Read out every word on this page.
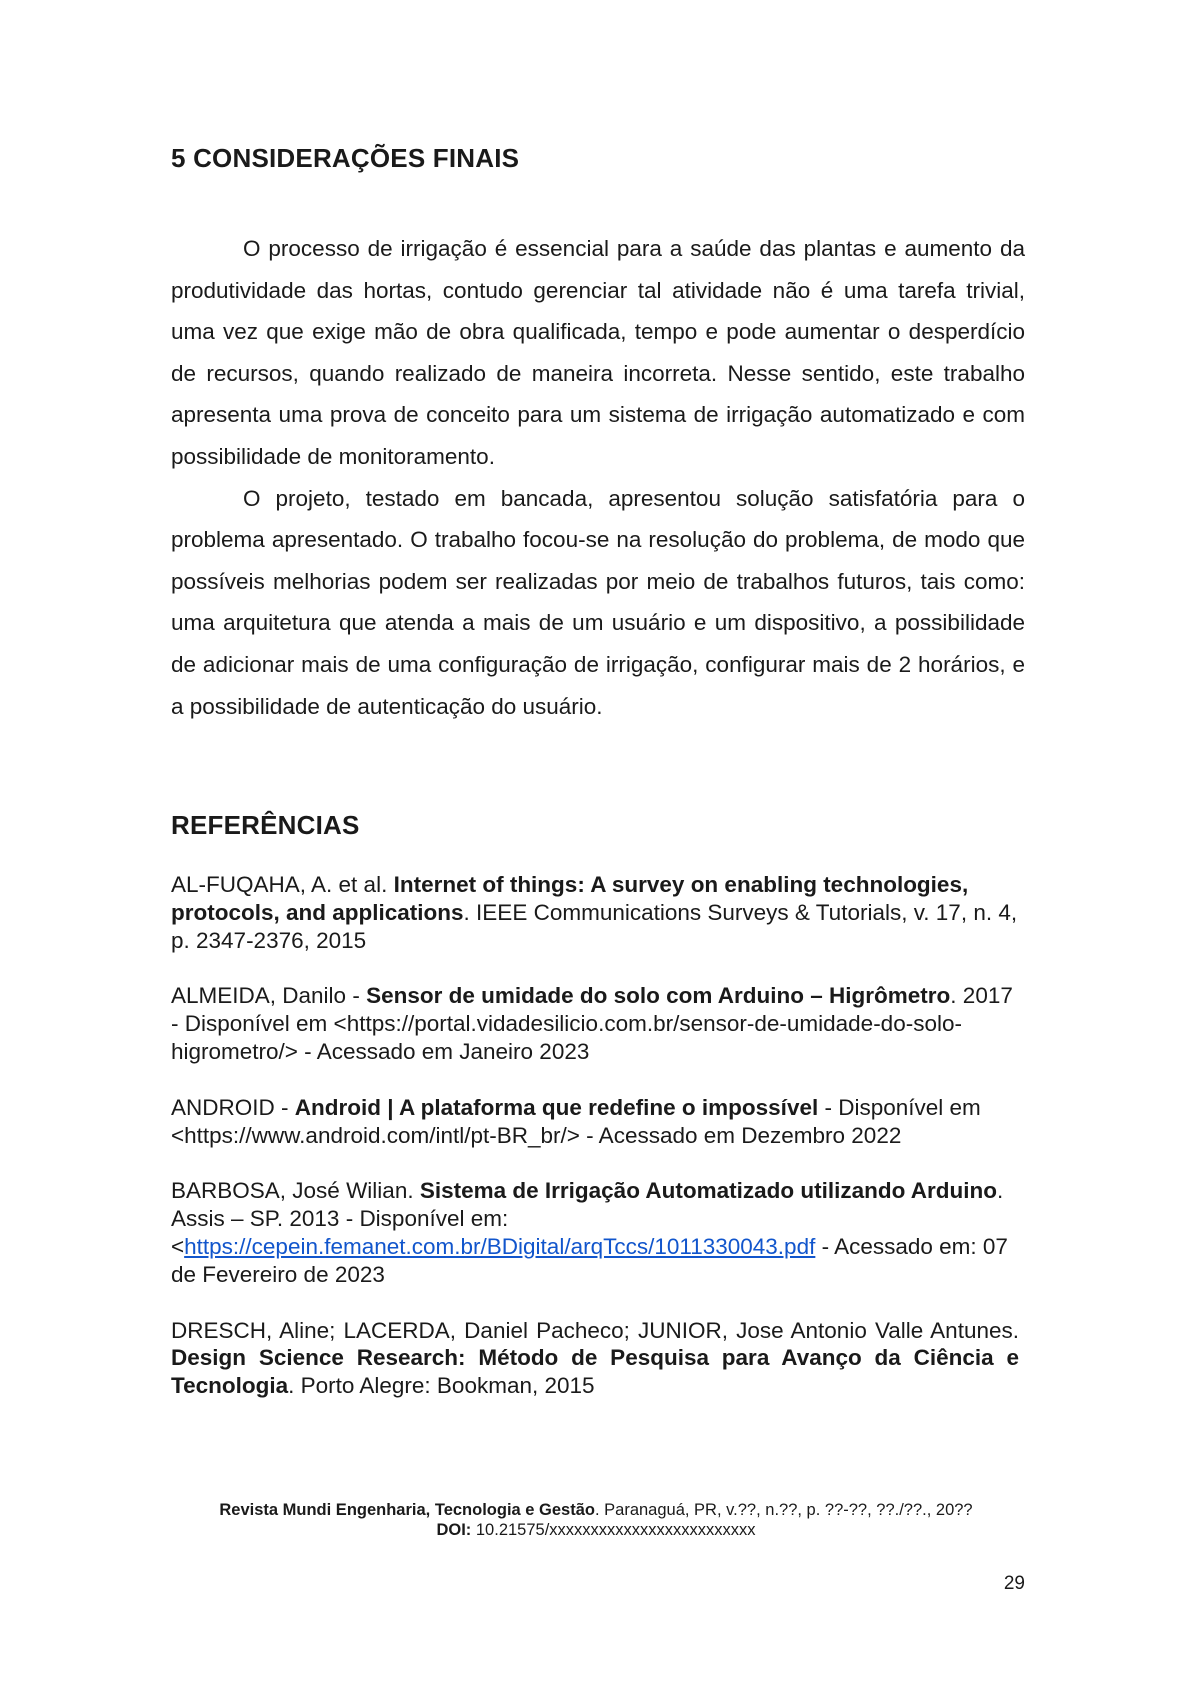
5 CONSIDERAÇÕES FINAIS

O processo de irrigação é essencial para a saúde das plantas e aumento da produtividade das hortas, contudo gerenciar tal atividade não é uma tarefa trivial, uma vez que exige mão de obra qualificada, tempo e pode aumentar o desperdício de recursos, quando realizado de maneira incorreta. Nesse sentido, este trabalho apresenta uma prova de conceito para um sistema de irrigação automatizado e com possibilidade de monitoramento.

O projeto, testado em bancada, apresentou solução satisfatória para o problema apresentado. O trabalho focou-se na resolução do problema, de modo que possíveis melhorias podem ser realizadas por meio de trabalhos futuros, tais como: uma arquitetura que atenda a mais de um usuário e um dispositivo, a possibilidade de adicionar mais de uma configuração de irrigação, configurar mais de 2 horários, e a possibilidade de autenticação do usuário.

REFERÊNCIAS

AL-FUQAHA, A. et al. Internet of things: A survey on enabling technologies, protocols, and applications. IEEE Communications Surveys & Tutorials, v. 17, n. 4, p. 2347-2376, 2015

ALMEIDA, Danilo - Sensor de umidade do solo com Arduino – Higrômetro. 2017 - Disponível em <https://portal.vidadesilicio.com.br/sensor-de-umidade-do-solo-higrometro/> - Acessado em Janeiro 2023

ANDROID - Android | A plataforma que redefine o impossível - Disponível em <https://www.android.com/intl/pt-BR_br/> - Acessado em Dezembro 2022

BARBOSA, José Wilian. Sistema de Irrigação Automatizado utilizando Arduino. Assis – SP. 2013 - Disponível em: <https://cepein.femanet.com.br/BDigital/arqTccs/1011330043.pdf - Acessado em: 07 de Fevereiro de 2023

DRESCH, Aline; LACERDA, Daniel Pacheco; JUNIOR, Jose Antonio Valle Antunes. Design Science Research: Método de Pesquisa para Avanço da Ciência e Tecnologia. Porto Alegre: Bookman, 2015

Revista Mundi Engenharia, Tecnologia e Gestão. Paranaguá, PR, v.??, n.??, p. ??-??, ??./??., 20??
DOI: 10.21575/xxxxxxxxxxxxxxxxxxxxxxxxx
29
